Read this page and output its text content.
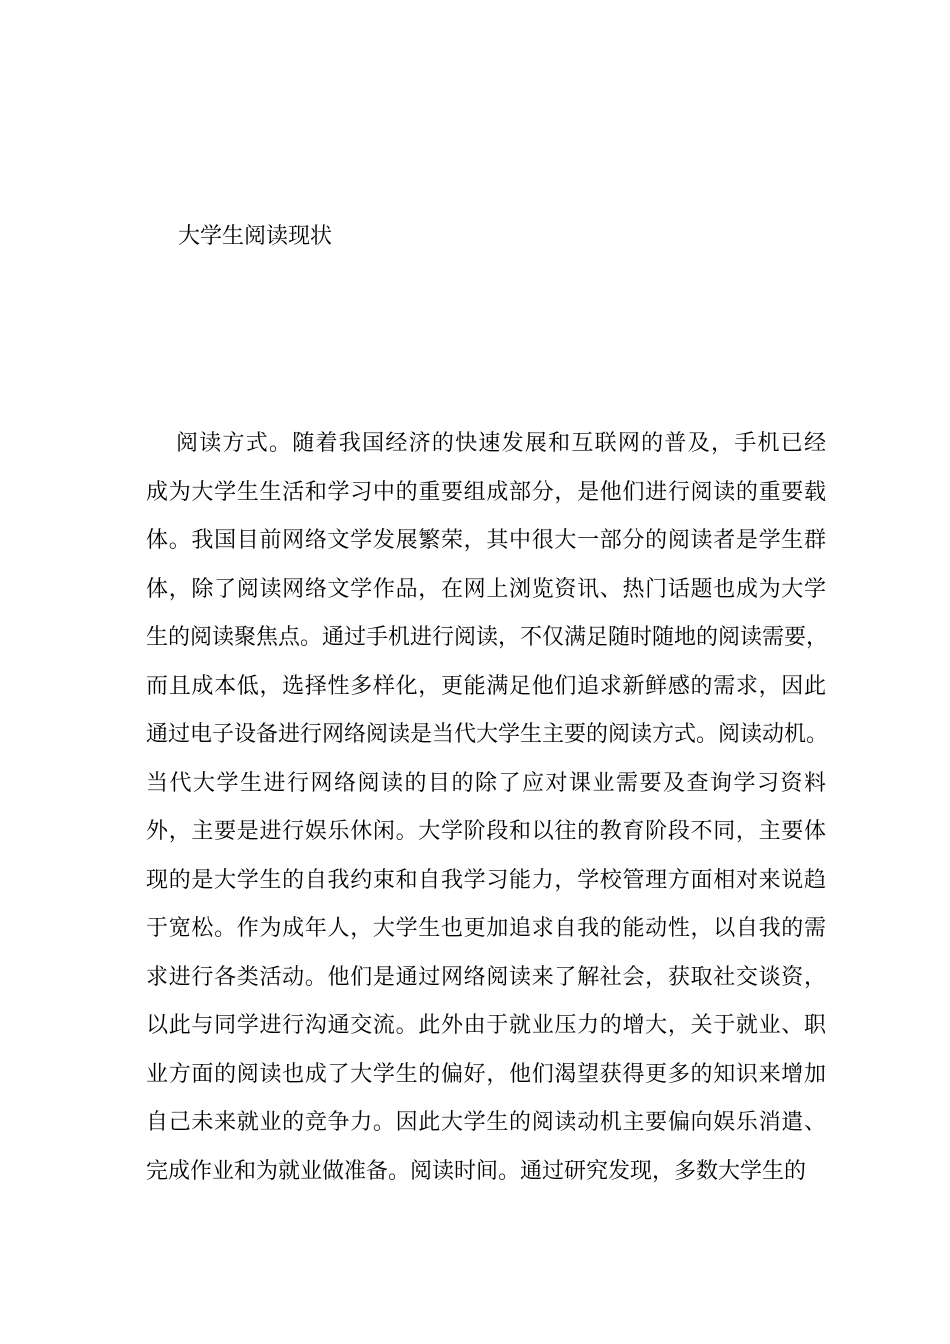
大学生阅读现状
阅读方式。随着我国经济的快速发展和互联网的普及，手机已经
成为大学生生活和学习中的重要组成部分，是他们进行阅读的重要载
体。我国目前网络文学发展繁荣，其中很大一部分的阅读者是学生群
体，除了阅读网络文学作品，在网上浏览资讯、热门话题也成为大学
生的阅读聚焦点。通过手机进行阅读，不仅满足随时随地的阅读需要，
而且成本低，选择性多样化，更能满足他们追求新鲜感的需求，因此
通过电子设备进行网络阅读是当代大学生主要的阅读方式。阅读动机。
当代大学生进行网络阅读的目的除了应对课业需要及查询学习资料
外，主要是进行娱乐休闲。大学阶段和以往的教育阶段不同，主要体
现的是大学生的自我约束和自我学习能力，学校管理方面相对来说趋
于宽松。作为成年人，大学生也更加追求自我的能动性，以自我的需
求进行各类活动。他们是通过网络阅读来了解社会，获取社交谈资，
以此与同学进行沟通交流。此外由于就业压力的增大，关于就业、职
业方面的阅读也成了大学生的偏好，他们渴望获得更多的知识来增加
自己未来就业的竞争力。因此大学生的阅读动机主要偏向娱乐消遣、
完成作业和为就业做准备。阅读时间。通过研究发现，多数大学生的
